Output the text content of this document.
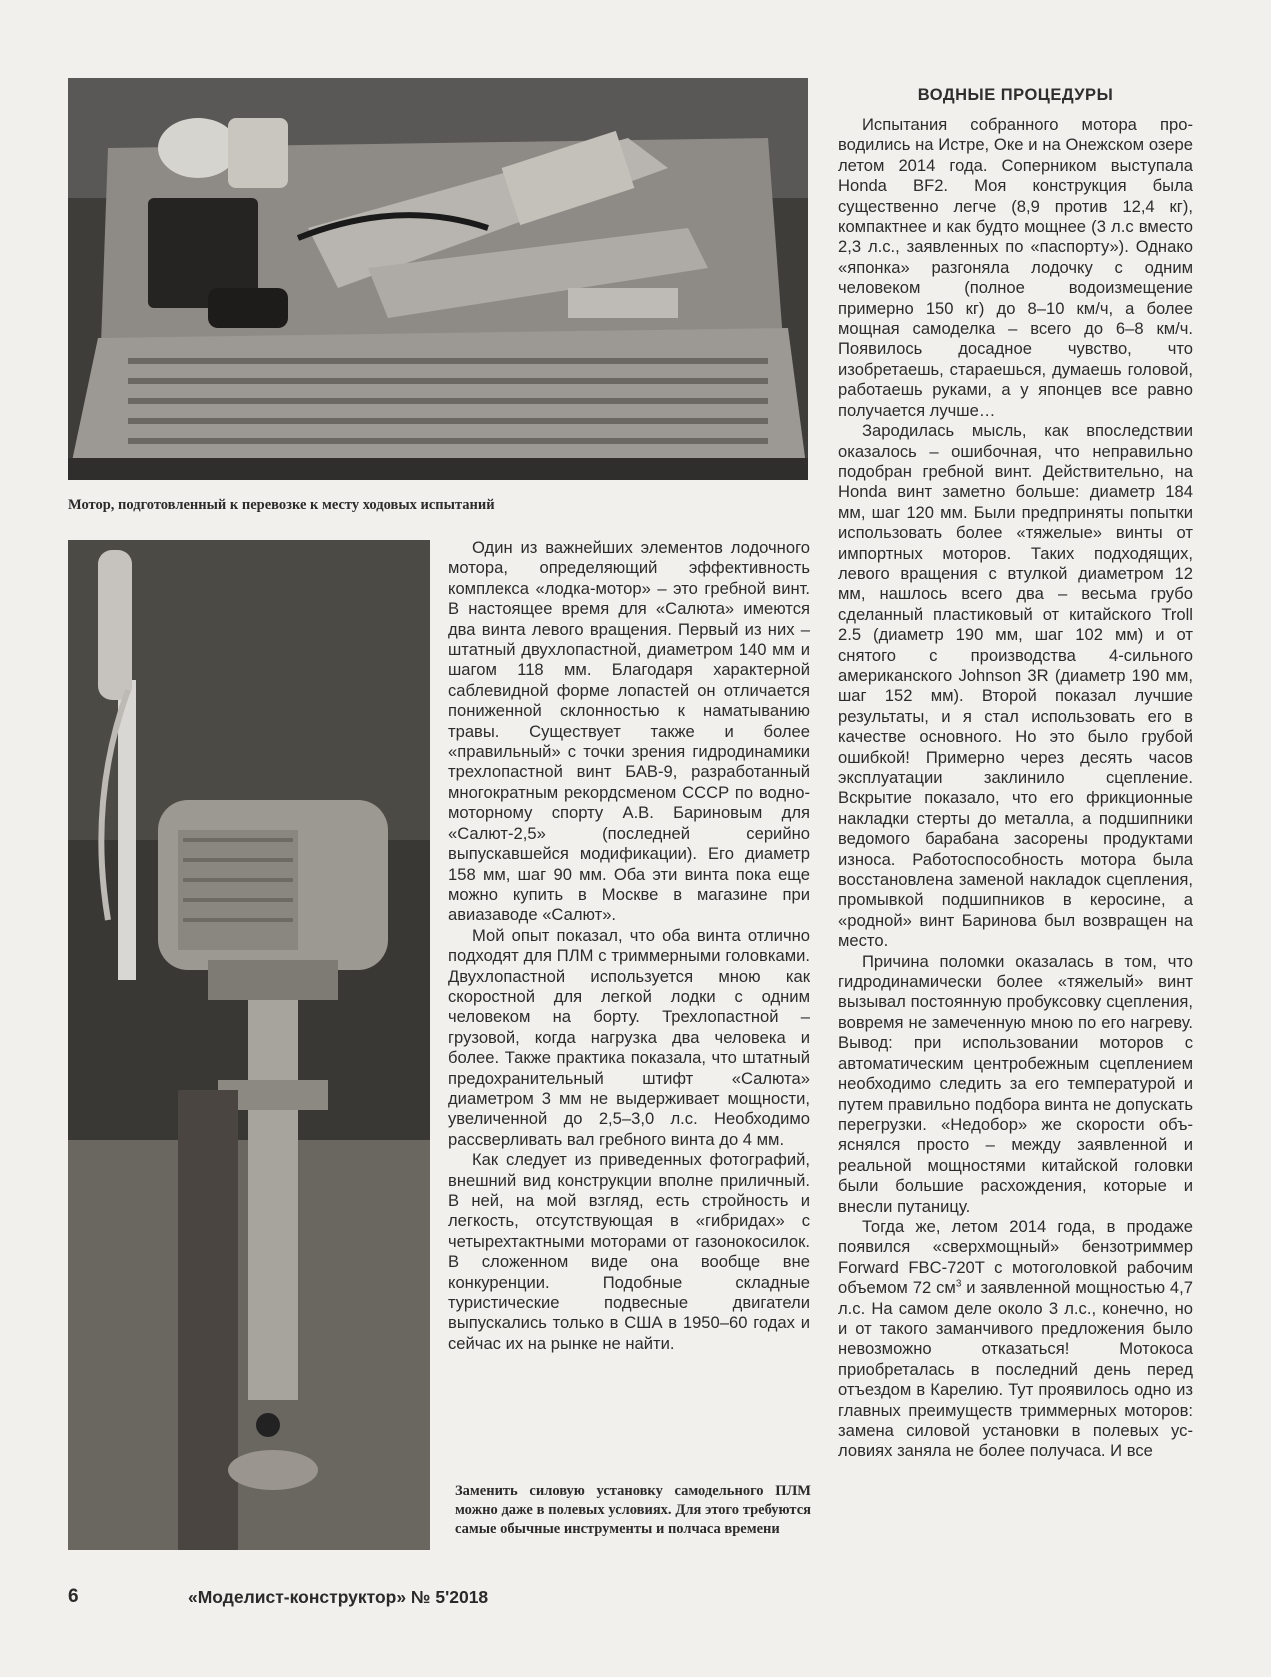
Мотор, подготовленный к перевозке к месту ходовых испытаний

Один из важнейших элементов лодочного мотора, определяющий эффективность комплекса «лодка-мотор» – это гребной винт. В настоящее время для «Салюта» имеются два винта левого вращения. Первый из них – штатный двухлопастной, диаметром 140 мм и шагом 118 мм. Благодаря характерной саблевидной форме лопастей он отличается пониженной склонностью к наматыванию травы. Существует также и более «правильный» с точки зрения гидродинамики трехлопастной винт БАВ-9, разработанный многократным рекордсменом СССР по водно-моторному спорту А.В. Бариновым для «Салют-2,5» (последней серийно выпускавшейся модификации). Его диаметр 158 мм, шаг 90 мм. Оба эти винта пока еще можно купить в Москве в магазине при авиазаводе «Салют».

Мой опыт показал, что оба винта отлично подходят для ПЛМ с триммерными головками. Двухлопастной используется мною как скоростной для легкой лодки с одним человеком на борту. Трехлопастной – грузовой, когда нагрузка два человека и более. Также практика показала, что штатный предохранительный штифт «Салюта» диаметром 3 мм не выдерживает мощности, увеличенной до 2,5–3,0 л.с. Необходимо рассверливать вал гребного винта до 4 мм.

Как следует из приведенных фотографий, внешний вид конструкции вполне приличный. В ней, на мой взгляд, есть стройность и легкость, отсутствующая в «гибридах» с четырехтактными моторами от газонокосилок. В сложенном виде она вообще вне конкуренции. Подобные складные туристические подвесные двигатели выпускались только в США в 1950–60 годах и сейчас их на рынке не найти.

Заменить силовую установку самодельного ПЛМ можно даже в полевых условиях. Для этого требуются самые обычные инструменты и полчаса времени
ВОДНЫЕ ПРОЦЕДУРЫ

Испытания собранного мотора проводились на Истре, Оке и на Онежском озере летом 2014 года. Соперником выступала Honda BF2. Моя конструкция была существенно легче (8,9 против 12,4 кг), компактнее и как будто мощнее (3 л.с вместо 2,3 л.с., заявленных по «паспорту»). Однако «японка» разгоняла лодочку с одним человеком (полное водоизмещение примерно 150 кг) до 8–10 км/ч, а более мощная самоделка – всего до 6–8 км/ч. Появилось досадное чувство, что изобретаешь, стараешься, думаешь головой, работаешь руками, а у японцев все равно получается лучше…

Зародилась мысль, как впоследствии оказалось – ошибочная, что неправильно подобран гребной винт. Действительно, на Honda винт заметно больше: диаметр 184 мм, шаг 120 мм. Были предприняты попытки использовать более «тяжелые» винты от импортных моторов. Таких подходящих, левого вращения с втулкой диаметром 12 мм, нашлось всего два – весьма грубо сделанный пластиковый от китайского Troll 2.5 (диаметр 190 мм, шаг 102 мм) и от снятого с производства 4-сильного американского Johnson 3R (диаметр 190 мм, шаг 152 мм). Второй показал лучшие результаты, и я стал использовать его в качестве основного. Но это было грубой ошибкой! Примерно через десять часов эксплуатации заклинило сцепление. Вскрытие показало, что его фрикционные накладки стерты до металла, а подшипники ведомого барабана засорены продуктами износа. Работоспособность мотора была восстановлена заменой накладок сцепления, промывкой подшипников в керосине, а «родной» винт Баринова был возвращен на место.

Причина поломки оказалась в том, что гидродинамически более «тяжелый» винт вызывал постоянную пробуксовку сцепления, вовремя не замеченную мною по его нагреву. Вывод: при использовании моторов с автоматическим центробежным сцеплением необходимо следить за его температурой и путем правильно подбора винта не допускать перегрузки. «Недобор» же скорости объяснялся просто – между заявленной и реальной мощностями китайской головки были большие расхождения, которые и внесли путаницу.

Тогда же, летом 2014 года, в продаже появился «сверхмощный» бензотриммер Forward FBC-720T с мотоголовкой рабочим объемом 72 $см^3$ и заявленной мощностью 4,7 л.с. На самом деле около 3 л.с., конечно, но и от такого заманчивого предложения было невозможно отказаться! Мотокоса приобреталась в последний день перед отъездом в Карелию. Тут проявилось одно из главных преимуществ триммерных моторов: замена силовой установки в полевых условиях заняла не более получаса. И все

6	«Моделист-конструктор» № 5'2018
